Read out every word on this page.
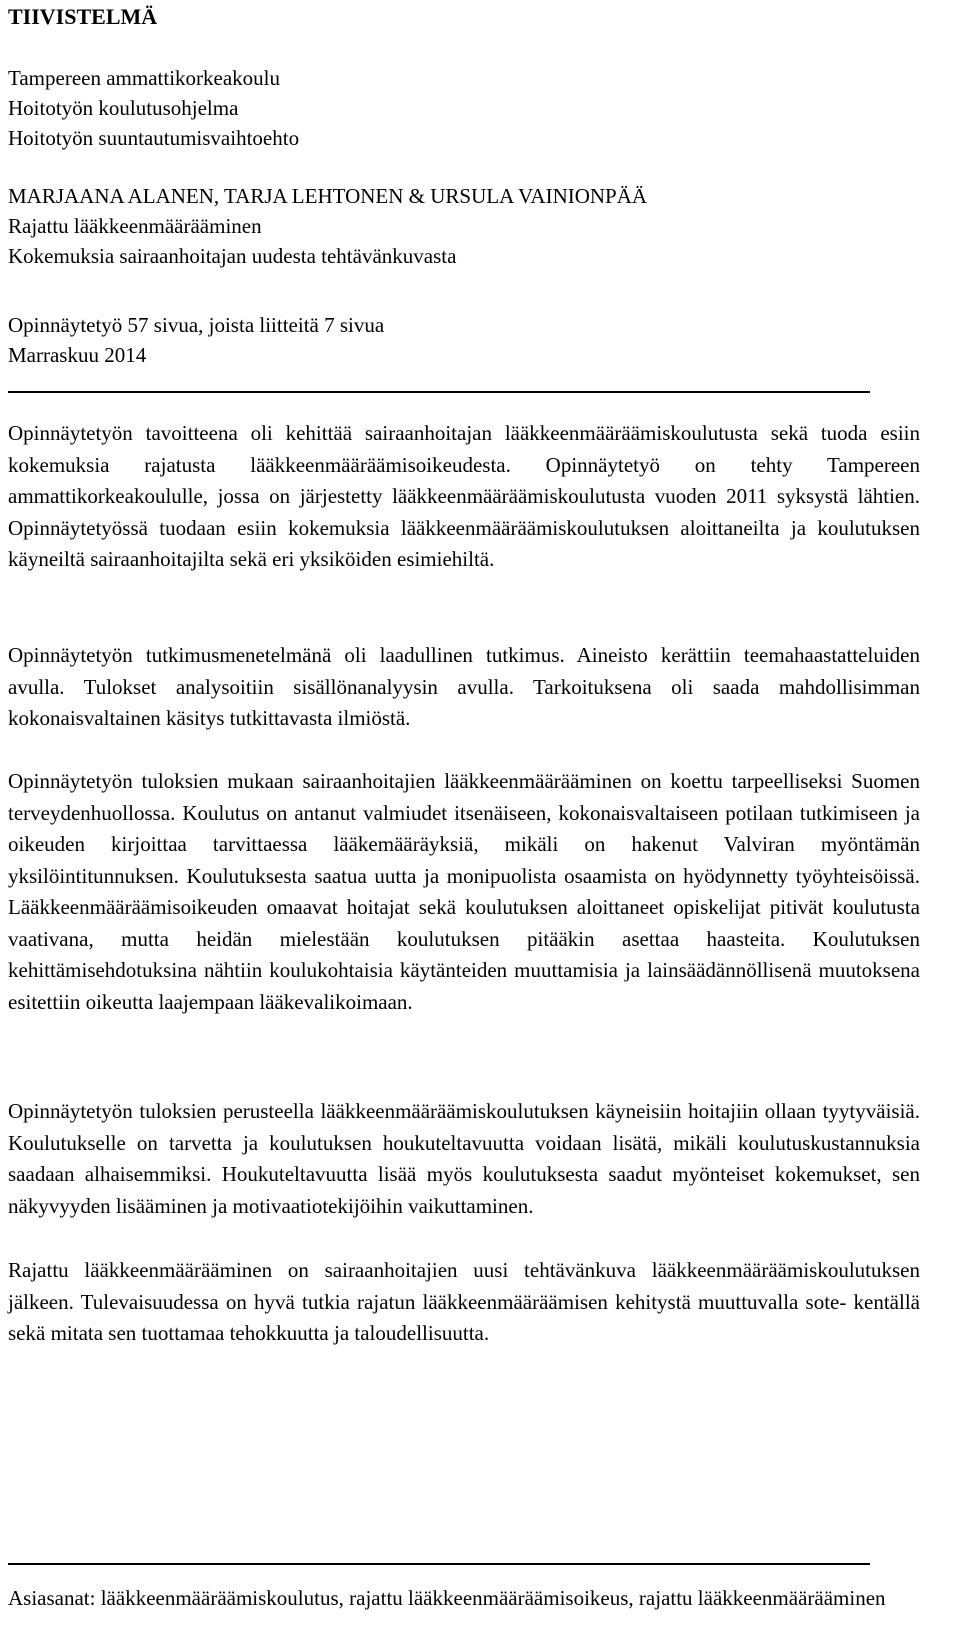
TIIVISTELMÄ

Tampereen ammattikorkeakoulu
Hoitotyön koulutusohjelma
Hoitotyön suuntautumisvaihtoehto

MARJAANA ALANEN, TARJA LEHTONEN & URSULA VAINIONPÄÄ
Rajattu lääkkeenmäärääminen
Kokemuksia sairaanhoitajan uudesta tehtävänkuvasta

Opinnäytetyö 57 sivua, joista liitteitä 7 sivua
Marraskuu 2014

Opinnäytetyön tavoitteena oli kehittää sairaanhoitajan lääkkeenmääräämiskoulutusta sekä tuoda esiin kokemuksia rajatusta lääkkeenmääräämisoikeudesta. Opinnäytetyö on tehty Tampereen ammattikorkeakoululle, jossa on järjestetty lääkkeenmääräämiskoulutusta vuoden 2011 syksystä lähtien. Opinnäytetyössä tuodaan esiin kokemuksia lääkkeenmääräämiskoulutuksen aloittaneilta ja koulutuksen käyneiltä sairaanhoitajilta sekä eri yksiköiden esimiehiltä.

Opinnäytetyön tutkimusmenetelmänä oli laadullinen tutkimus. Aineisto kerättiin teemahaastatteluiden avulla. Tulokset analysoitiin sisällönanalyysin avulla. Tarkoituksena oli saada mahdollisimman kokonaisvaltainen käsitys tutkittavasta ilmiöstä.

Opinnäytetyön tuloksien mukaan sairaanhoitajien lääkkeenmäärääminen on koettu tarpeelliseksi Suomen terveydenhuollossa. Koulutus on antanut valmiudet itsenäiseen, kokonaisvaltaiseen potilaan tutkimiseen ja oikeuden kirjoittaa tarvittaessa lääkemääräyksiä, mikäli on hakenut Valviran myöntämän yksilöintitunnuksen. Koulutuksesta saatua uutta ja monipuolista osaamista on hyödynnetty työyhteisöissä. Lääkkeenmääräämisoikeuden omaavat hoitajat sekä koulutuksen aloittaneet opiskelijat pitivät koulutusta vaativana, mutta heidän mielestään koulutuksen pitääkin asettaa haasteita. Koulutuksen kehittämisehdotuksina nähtiin koulukohtaisia käytänteiden muuttamisia ja lainsäädännöllisenä muutoksena esitettiin oikeutta laajempaan lääkevalikoimaan.

Opinnäytetyön tuloksien perusteella lääkkeenmääräämiskoulutuksen käyneisiin hoitajiin ollaan tyytyväisiä. Koulutukselle on tarvetta ja koulutuksen houkuteltavuutta voidaan lisätä, mikäli koulutuskustannuksia saadaan alhaisemmiksi. Houkuteltavuutta lisää myös koulutuksesta saadut myönteiset kokemukset, sen näkyvyyden lisääminen ja motivaatiotekijöihin vaikuttaminen.

Rajattu lääkkeenmäärääminen on sairaanhoitajien uusi tehtävänkuva lääkkeenmääräämiskoulutuksen jälkeen. Tulevaisuudessa on hyvä tutkia rajatun lääkkeenmääräämisen kehitystä muuttuvalla sote- kentällä sekä mitata sen tuottamaa tehokkuutta ja taloudellisuutta.

Asiasanat: lääkkeenmääräämiskoulutus, rajattu lääkkeenmääräämisoikeus, rajattu lääkkeenmäärääminen
